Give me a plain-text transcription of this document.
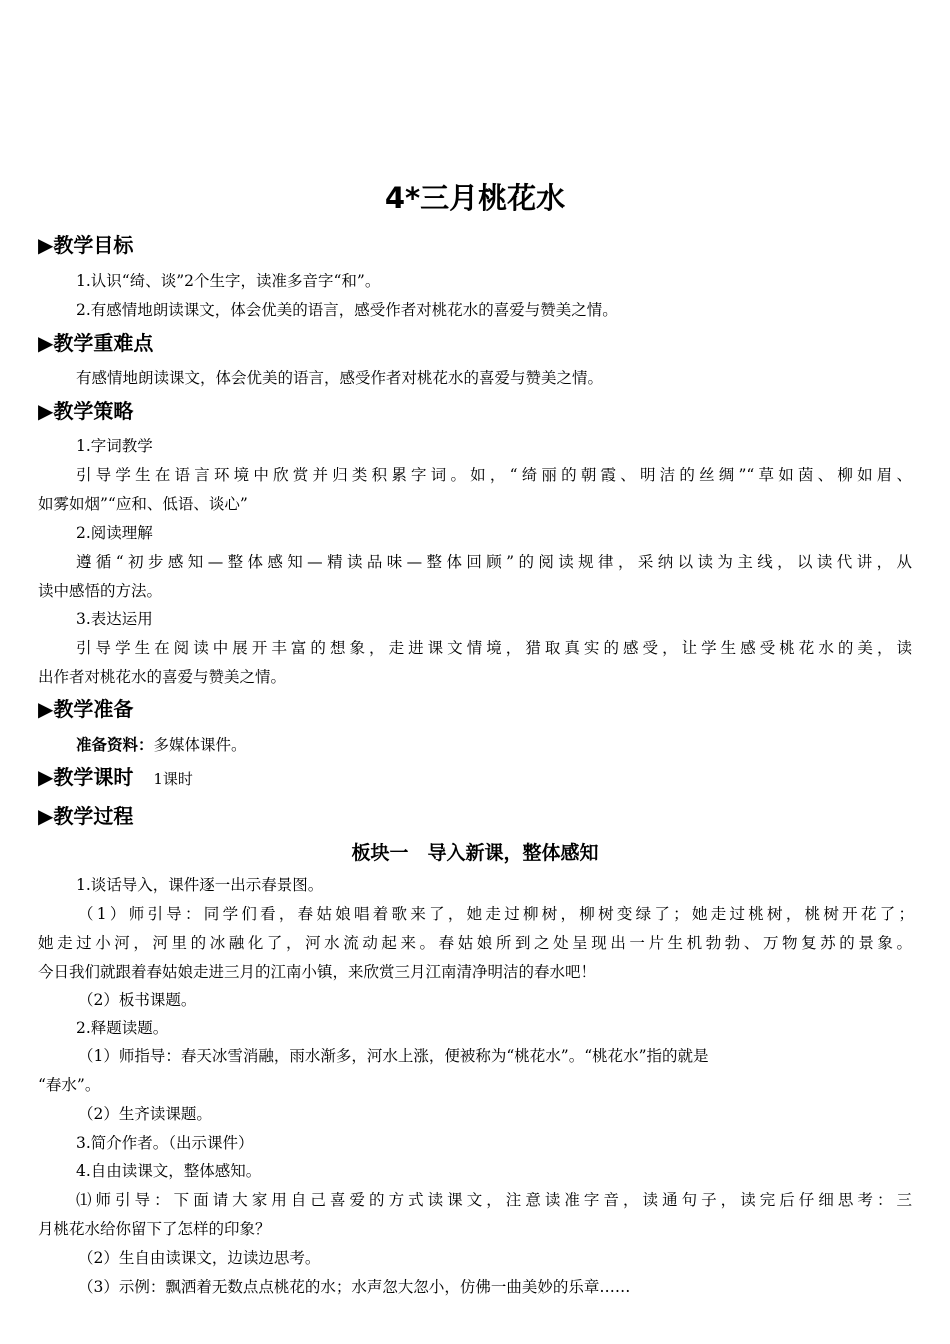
4*三月桃花水
▶教学目标
1.认识“绮、谈”2个生字，读准多音字“和”。
2.有感情地朗读课文，体会优美的语言，感受作者对桃花水的喜爱与赞美之情。
▶教学重难点
有感情地朗读课文，体会优美的语言，感受作者对桃花水的喜爱与赞美之情。
▶教学策略
1.字词教学
引导学生在语言环境中欣赏并归类积累字词。如，“绮丽的朝霞、明洁的丝绸”“草如茵、柳如眉、
如雾如烟”“应和、低语、谈心”
2.阅读理解
遵循“初步感知—整体感知—精读品味—整体回顾”的阅读规律，采纳以读为主线，以读代讲，从
读中感悟的方法。
3.表达运用
引导学生在阅读中展开丰富的想象，走进课文情境，猎取真实的感受，让学生感受桃花水的美，读
出作者对桃花水的喜爱与赞美之情。
▶教学准备
准备资料：多媒体课件。
▶教学课时 1课时
▶教学过程
板块一　导入新课，整体感知
1.谈话导入，课件逐一出示春景图。
（1）师引导：同学们看，春姑娘唱着歌来了，她走过柳树，柳树变绿了；她走过桃树，桃树开花了；
她走过小河，河里的冰融化了，河水流动起来。春姑娘所到之处呈现出一片生机勃勃、万物复苏的景象。
今日我们就跟着春姑娘走进三月的江南小镇，来欣赏三月江南清净明洁的春水吧！
（2）板书课题。
2.释题读题。
（1）师指导：春天冰雪消融，雨水渐多，河水上涨，便被称为“桃花水”。“桃花水”指的就是
“春水”。
（2）生齐读课题。
3.简介作者。（出示课件）
4.自由读课文，整体感知。
⑴师引导：下面请大家用自己喜爱的方式读课文，注意读准字音，读通句子，读完后仔细思考：三
月桃花水给你留下了怎样的印象？
（2）生自由读课文，边读边思考。
（3）示例：飘洒着无数点点桃花的水；水声忽大忽小，仿佛一曲美妙的乐章……
